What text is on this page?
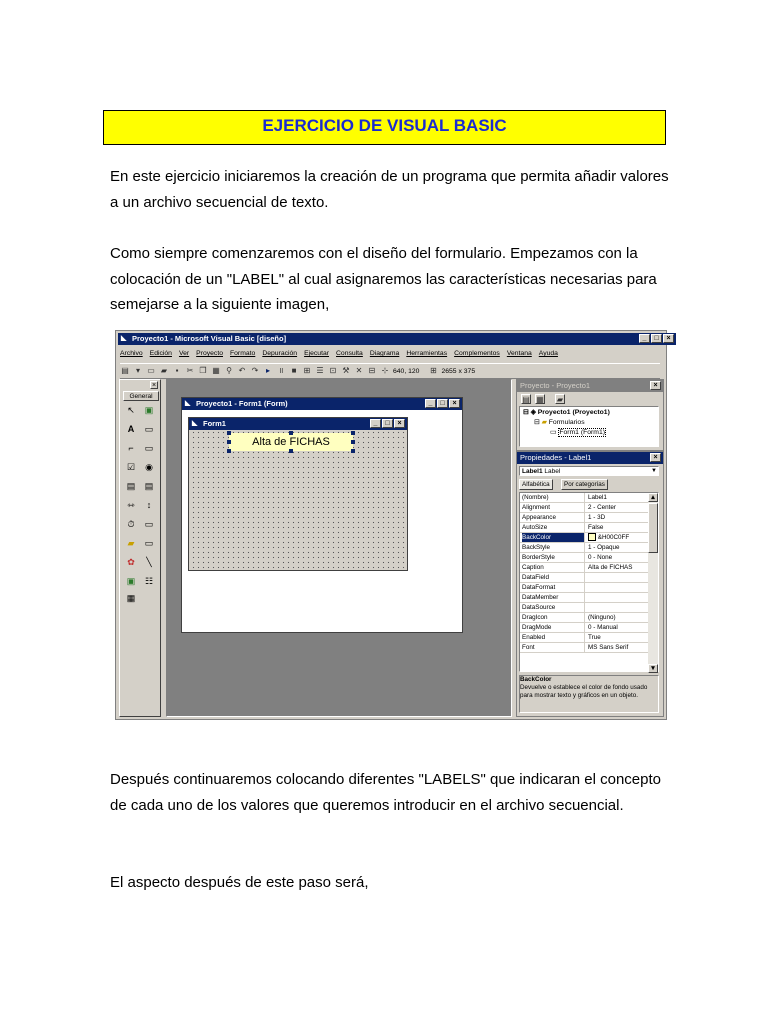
EJERCICIO DE VISUAL BASIC

En este ejercicio iniciaremos la creación de un programa que permita añadir valores a un archivo secuencial de texto.

Como siempre comenzaremos con el diseño del formulario. Empezamos con la colocación de un "LABEL" al cual asignaremos las características necesarias para semejarse a la siguiente imagen,

◣ Proyecto1 - Microsoft Visual Basic [diseño]	_	□	×
Archivo Edición Ver Proyecto Formato Depuración Ejecutar Consulta Diagrama Herramientas Complementos Ventana Ayuda
▤ ▾ ▭ ▰	▪	✂ ❐ ▦ ⚲ ↶ ↷ ▸	॥	■ ⊞ ☰ ⊡ ⚒ ✕ ⊟ ⊹ 640, 120 ⊞ 2655 x 375
×
General
↖	▣
A	▭
⌐	▭
☑	◉
▤	▤
⇿	↕
⏱	▭
▰	▭
✿	╲
▣	☷
▦
◣ Proyecto1 - Form1 (Form)	_	□	×
◣ Form1	_	□	×
Alta de FICHAS
Proyecto - Proyecto1	×
▤ ▦ ▰
⊟ ◈ Proyecto1 (Proyecto1)
⊟ ▰ Formularios
▭ Form1 (Form1)
Propiedades - Label1	×
Label1 Label	▼
Alfabética	Por categorías
(Nombre)	Label1
Alignment	2 - Center
Appearance	1 - 3D
AutoSize	False
BackColor	&H00C0FF
BackStyle	1 - Opaque
BorderStyle	0 - None
Caption	Alta de FICHAS
DataField
DataFormat
DataMember
DataSource
DragIcon	(Ninguno)
DragMode	0 - Manual
Enabled	True
Font	MS Sans Serif
▴
▾
BackColor
Devuelve o establece el color de fondo usado para mostrar texto y gráficos en un objeto.

Después continuaremos colocando diferentes "LABELS" que indicaran el concepto de cada uno de los valores que queremos introducir en el archivo secuencial.

El aspecto después de este paso será,
